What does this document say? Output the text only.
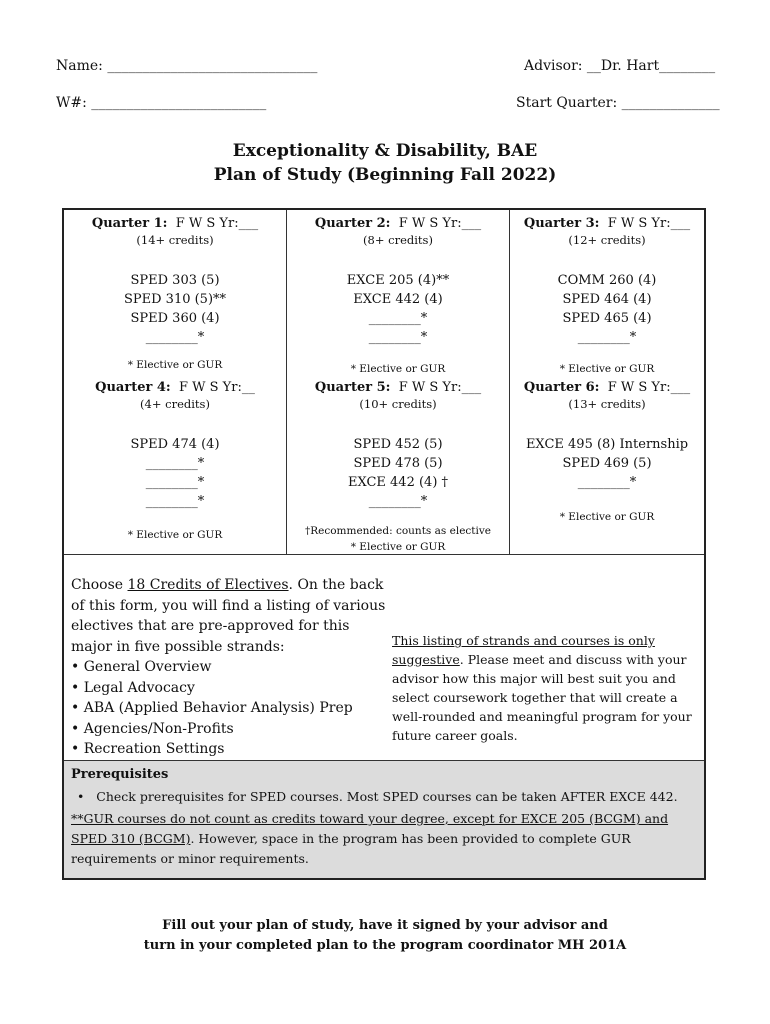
Name: ______________________________	Advisor: __Dr. Hart________
W#: _________________________	Start Quarter: ______________
Exceptionality & Disability, BAE
Plan of Study (Beginning Fall 2022)
Quarter 1: F W S Yr:___
(14+ credits)
SPED 303 (5)
SPED 310 (5)**
SPED 360 (4)
________*
* Elective or GUR
Quarter 2: F W S Yr:___
(8+ credits)
EXCE 205 (4)**
EXCE 442 (4)
________*
________*
* Elective or GUR
Quarter 3: F W S Yr:___
(12+ credits)
COMM 260 (4)
SPED 464 (4)
SPED 465 (4)
________*
* Elective or GUR
Quarter 4: F W S Yr:__
(4+ credits)
SPED 474 (4)
________*
________*
________*
* Elective or GUR
Quarter 5: F W S Yr:___
(10+ credits)
SPED 452 (5)
SPED 478 (5)
EXCE 442 (4) †
________*
†Recommended: counts as elective
* Elective or GUR
Quarter 6: F W S Yr:___
(13+ credits)
EXCE 495 (8) Internship
SPED 469 (5)
________*
* Elective or GUR
Choose 18 Credits of Electives. On the back of this form, you will find a listing of various electives that are pre-approved for this major in five possible strands:
• General Overview
• Legal Advocacy
• ABA (Applied Behavior Analysis) Prep
• Agencies/Non-Profits
• Recreation Settings
This listing of strands and courses is only suggestive. Please meet and discuss with your advisor how this major will best suit you and select coursework together that will create a well-rounded and meaningful program for your future career goals.
Prerequisites
•   Check prerequisites for SPED courses. Most SPED courses can be taken AFTER EXCE 442.
**GUR courses do not count as credits toward your degree, except for EXCE 205 (BCGM) and SPED 310 (BCGM). However, space in the program has been provided to complete GUR requirements or minor requirements.
Fill out your plan of study, have it signed by your advisor and
turn in your completed plan to the program coordinator MH 201A
